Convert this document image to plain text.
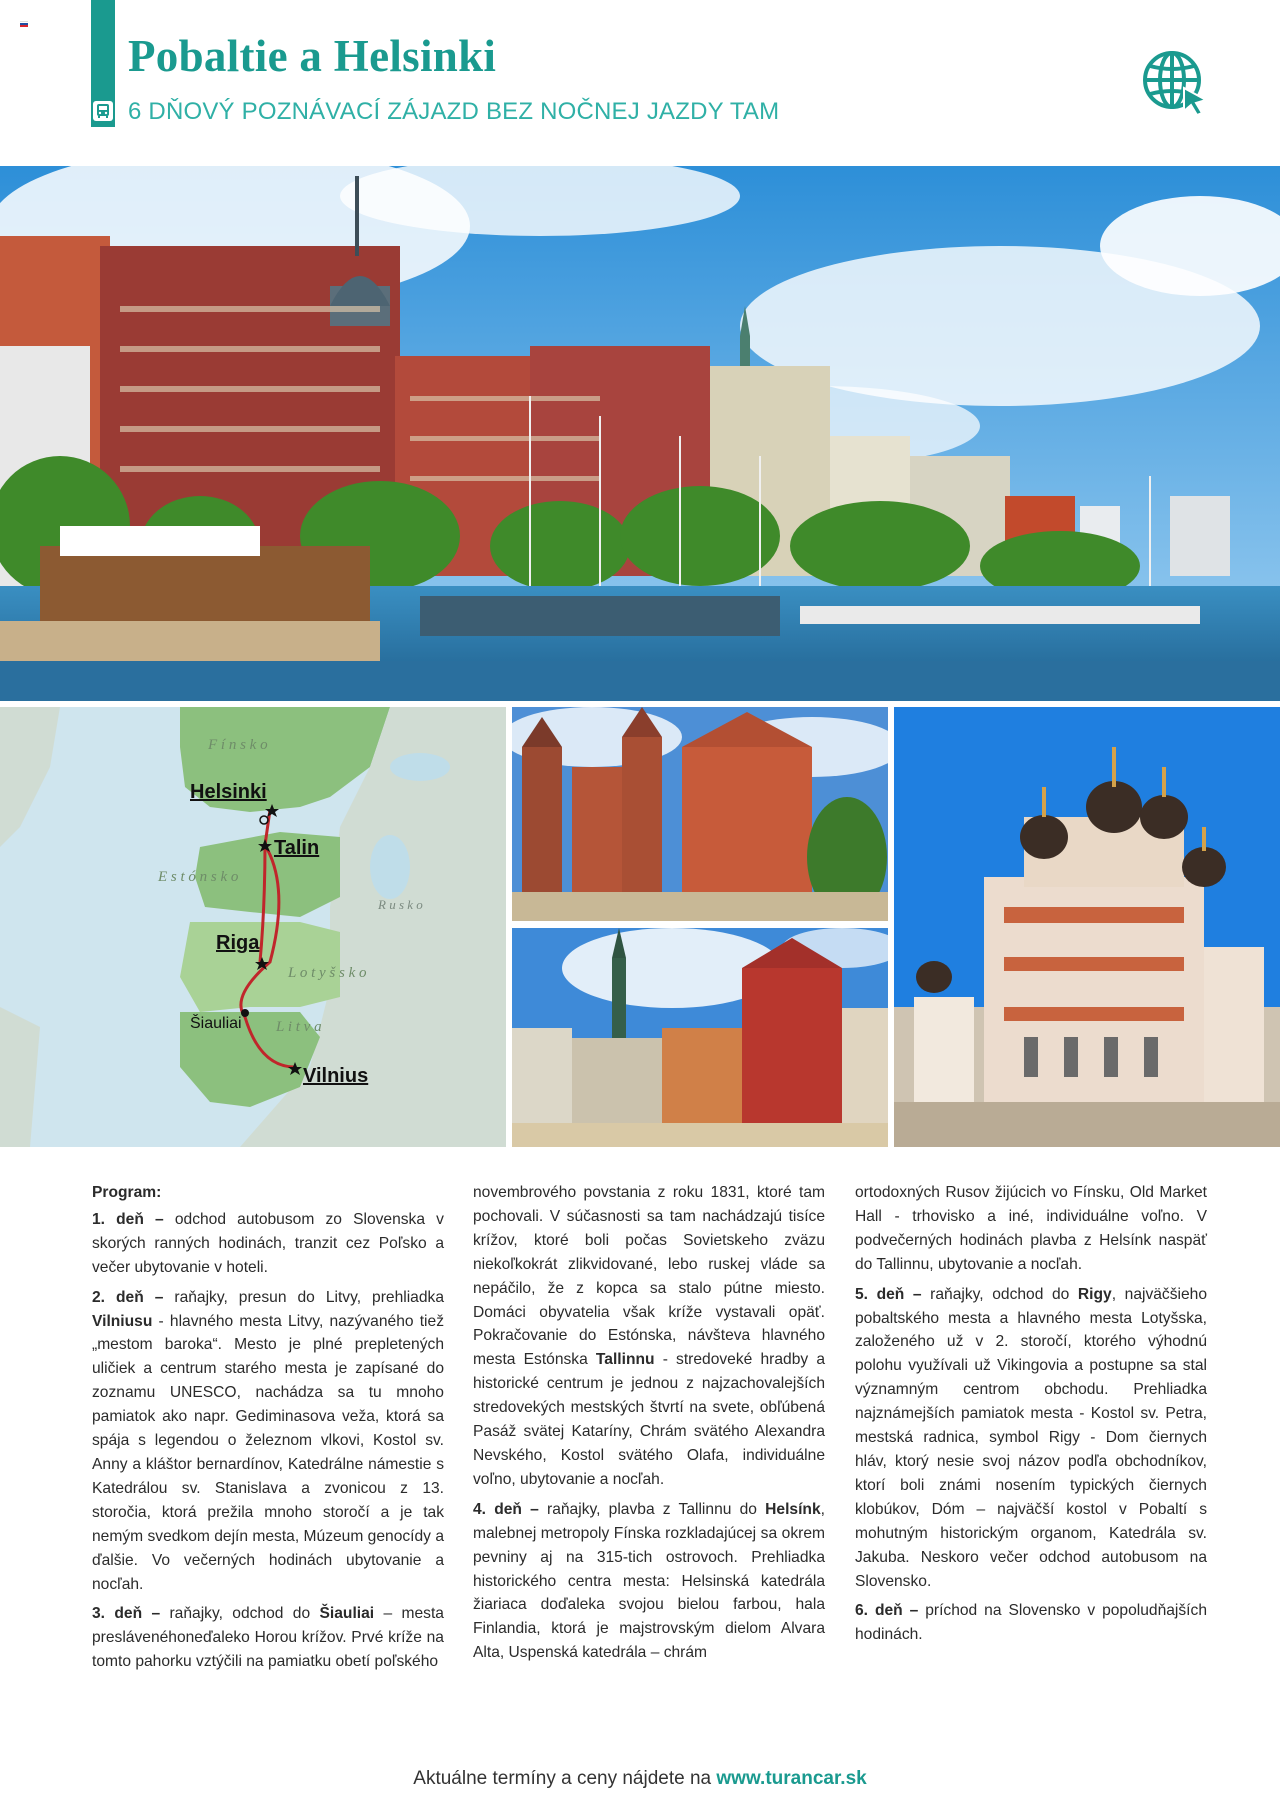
Pobaltie a Helsinki
6 DŇOVÝ POZNÁVACÍ ZÁJAZD BEZ NOČNEJ JAZDY TAM
F í n s k o
E s t ó n s k o
R u s k o
L o t y š s k o
L i t v a
Helsinki
Talin
Riga
Šiauliai
Vilnius

Program:

1. deň – odchod autobusom zo Slovenska v skorých ranných hodinách, tranzit cez Poľsko a večer ubytovanie v hoteli.

2. deň – raňajky, presun do Litvy, prehliadka Vilniusu - hlavného mesta Litvy, nazývaného tiež „mestom baroka“. Mesto je plné prepletených uličiek a centrum starého mesta je zapísané do zoznamu UNESCO, nachádza sa tu mnoho pamiatok ako napr. Gediminasova veža, ktorá sa spája s legendou o železnom vlkovi, Kostol sv. Anny a kláštor bernardínov, Katedrálne námestie s Katedrálou sv. Stanislava a zvonicou z 13. storočia, ktorá prežila mnoho storočí a je tak nemým svedkom dejín mesta, Múzeum genocídy a ďalšie. Vo večerných hodinách ubytovanie a nocľah.

3. deň – raňajky, odchod do Šiauliai – mesta preslávenéhoneďaleko Horou krížov. Prvé kríže na tomto pahorku vztýčili na pamiatku obetí poľského

novembrového povstania z roku 1831, ktoré tam pochovali. V súčasnosti sa tam nachádzajú tisíce krížov, ktoré boli počas Sovietskeho zväzu niekoľkokrát zlikvidované, lebo ruskej vláde sa nepáčilo, že z kopca sa stalo pútne miesto. Domáci obyvatelia však kríže vystavali opäť. Pokračovanie do Estónska, návšteva hlavného mesta Estónska Tallinnu - stredoveké hradby a historické centrum je jednou z najzachovalejších stredovekých mestských štvrtí na svete, obľúbená Pasáž svätej Kataríny, Chrám svätého Alexandra Nevského, Kostol svätého Olafa, individuálne voľno, ubytovanie a nocľah.

4. deň – raňajky, plavba z Tallinnu do Helsínk, malebnej metropoly Fínska rozkladajúcej sa okrem pevniny aj na 315-tich ostrovoch. Prehliadka historického centra mesta: Helsinská katedrála žiariaca doďaleka svojou bielou farbou, hala Finlandia, ktorá je majstrovským dielom Alvara Alta, Uspenská katedrála – chrám

ortodoxných Rusov žijúcich vo Fínsku, Old Market Hall - trhovisko a iné, individuálne voľno. V podvečerných hodinách plavba z Helsínk naspäť do Tallinnu, ubytovanie a nocľah.

5. deň – raňajky, odchod do Rigy, najväčšieho pobaltského mesta a hlavného mesta Lotyšska, založeného už v 2. storočí, ktorého výhodnú polohu využívali už Vikingovia a postupne sa stal významným centrom obchodu. Prehliadka najznámejších pamiatok mesta - Kostol sv. Petra, mestská radnica, symbol Rigy - Dom čiernych hláv, ktorý nesie svoj názov podľa obchodníkov, ktorí boli známi nosením typických čiernych klobúkov, Dóm – najväčší kostol v Pobaltí s mohutným historickým organom, Katedrála sv. Jakuba. Neskoro večer odchod autobusom na Slovensko.

6. deň – príchod na Slovensko v popoludňajších hodinách.

Aktuálne termíny a ceny nájdete na www.turancar.sk
